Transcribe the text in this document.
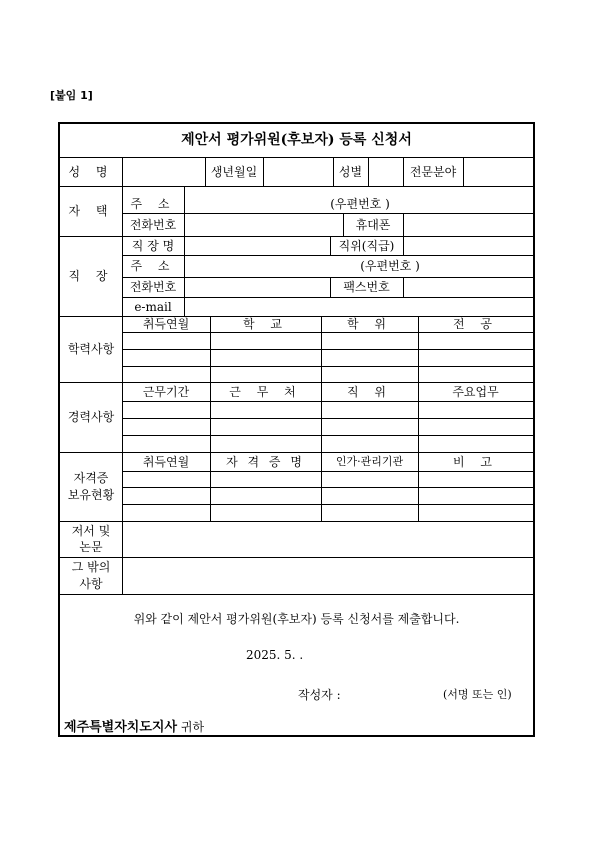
[붙임 1]
제안서 평가위원(후보자) 등록 신청서
성 명	생년월일	성별	전문분야
자 택
주 소	(우편번호 )
전화번호	휴대폰
직 장
직 장 명	직위(직급)
주 소	(우편번호 )
전화번호	팩스번호
e-mail
학력사항
취득연월	학 교	학 위	전 공
경력사항
근무기간	근 무 처	직 위	주요업무
자격증
보유현황
취득연월	자 격 증 명	인가·관리기관	비 고
저서 및
논문
그 밖의
사항
위와 같이 제안서 평가위원(후보자) 등록 신청서를 제출합니다.
2025. 5. .
작성자 :	(서명 또는 인)
제주특별자치도지사 귀하
